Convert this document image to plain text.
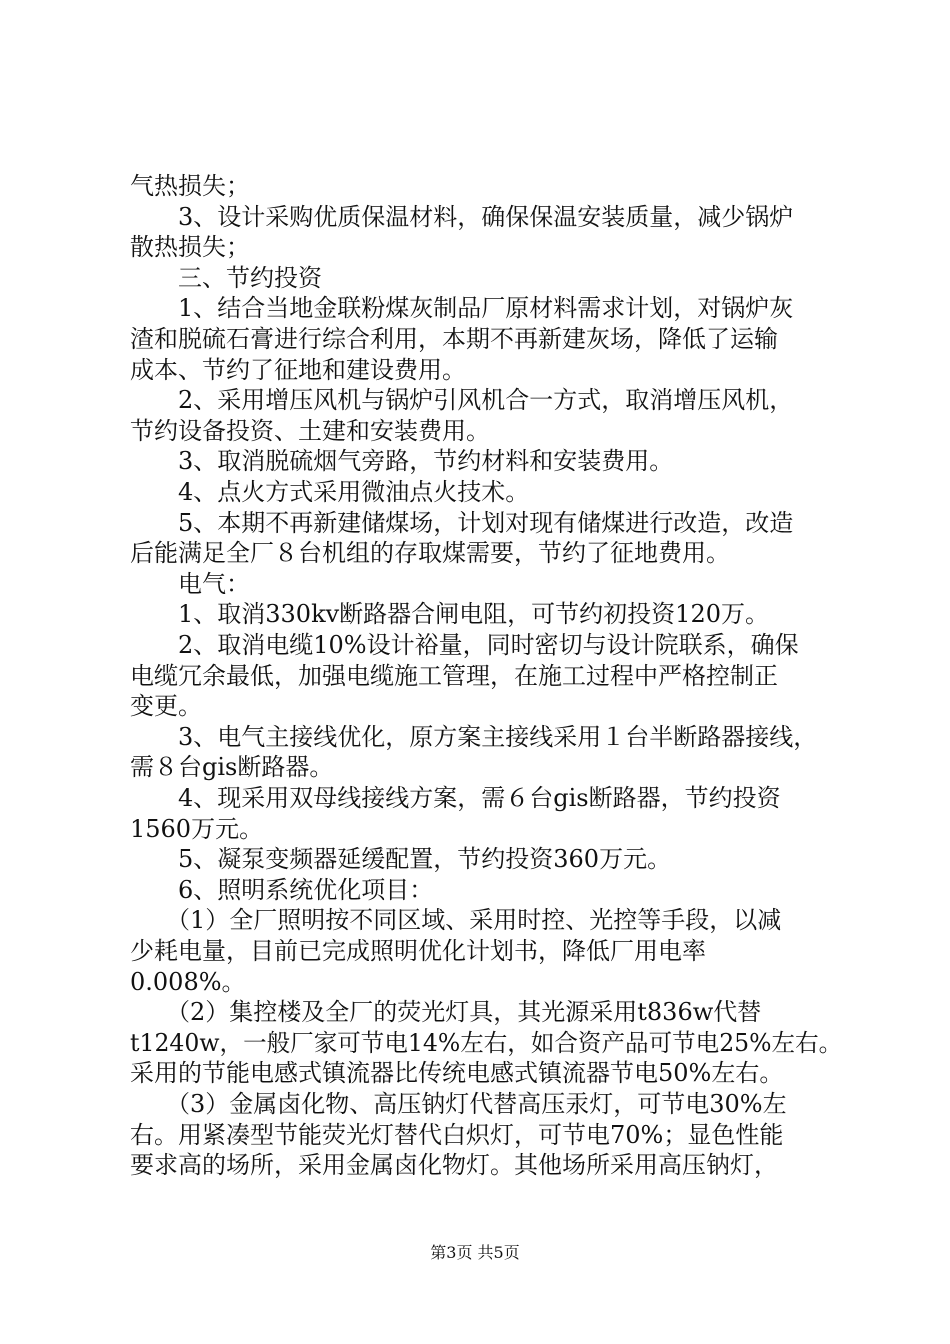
气热损失；
　　3、设计采购优质保温材料，确保保温安装质量，减少锅炉
散热损失；
　　三、节约投资
　　1、结合当地金联粉煤灰制品厂原材料需求计划，对锅炉灰
渣和脱硫石膏进行综合利用，本期不再新建灰场，降低了运输
成本、节约了征地和建设费用。
　　2、采用增压风机与锅炉引风机合一方式，取消增压风机，
节约设备投资、土建和安装费用。
　　3、取消脱硫烟气旁路，节约材料和安装费用。
　　4、点火方式采用微油点火技术。
　　5、本期不再新建储煤场，计划对现有储煤进行改造，改造
后能满足全厂８台机组的存取煤需要，节约了征地费用。
　　电气：
　　1、取消330kv断路器合闸电阻，可节约初投资120万。
　　2、取消电缆10%设计裕量，同时密切与设计院联系，确保
电缆冗余最低，加强电缆施工管理，在施工过程中严格控制正
变更。
　　3、电气主接线优化，原方案主接线采用１台半断路器接线，
需８台gis断路器。
　　4、现采用双母线接线方案，需６台gis断路器，节约投资
1560万元。
　　5、凝泵变频器延缓配置，节约投资360万元。
　　6、照明系统优化项目：
　　（1）全厂照明按不同区域、采用时控、光控等手段，以减
少耗电量，目前已完成照明优化计划书，降低厂用电率
0.008%。
　　（2）集控楼及全厂的荧光灯具，其光源采用t836w代替
t1240w，一般厂家可节电14%左右，如合资产品可节电25%左右。
采用的节能电感式镇流器比传统电感式镇流器节电50%左右。
　　（3）金属卤化物、高压钠灯代替高压汞灯，可节电30%左
右。用紧凑型节能荧光灯替代白炽灯，可节电70%；显色性能
要求高的场所，采用金属卤化物灯。其他场所采用高压钠灯，
第3页 共5页
